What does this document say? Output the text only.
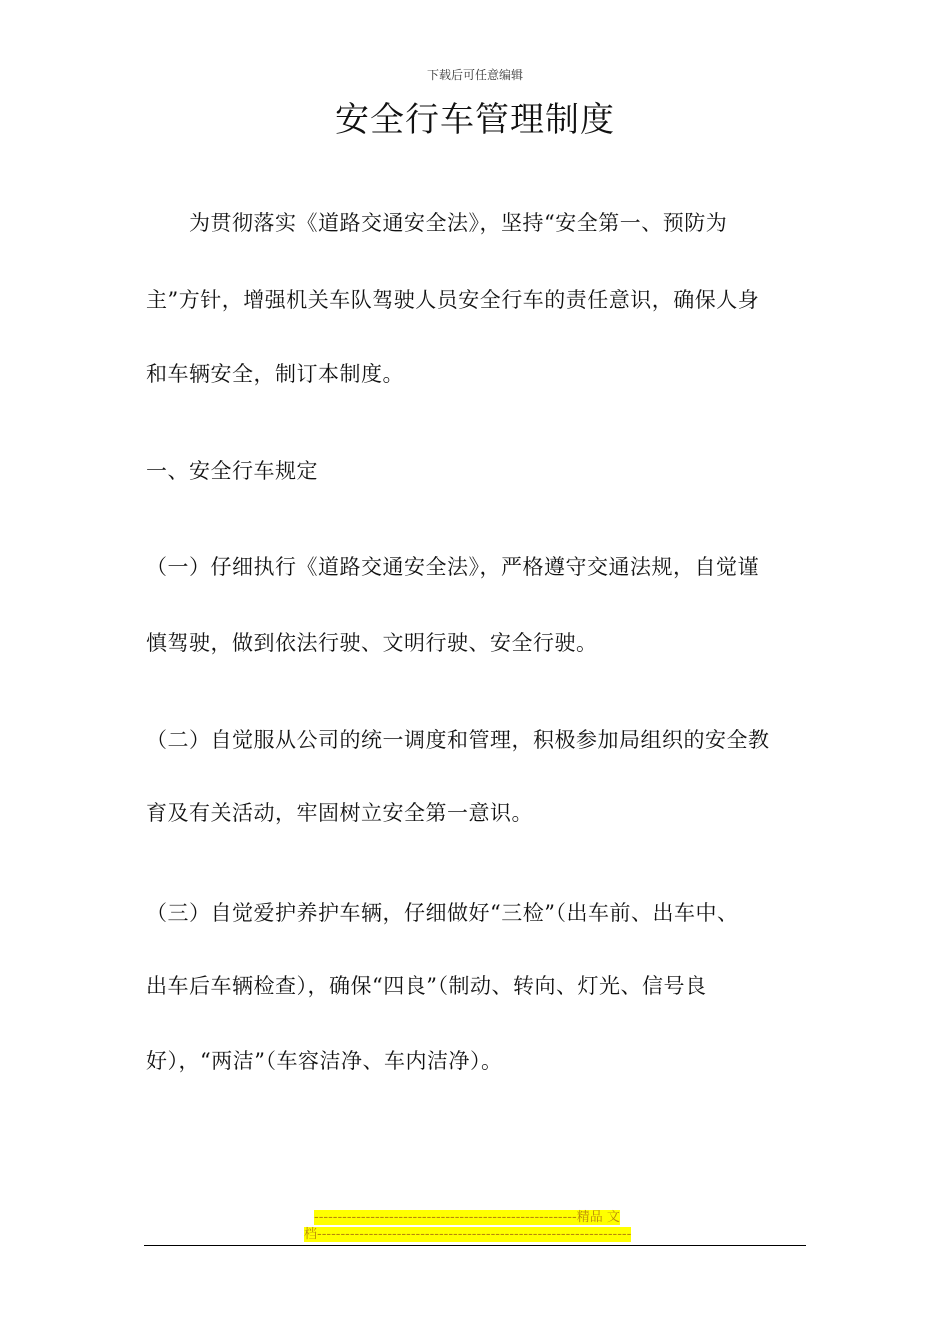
下载后可任意编辑
安全行车管理制度
　　为贯彻落实《道路交通安全法》，坚持“安全第一、预防为
主”方针，增强机关车队驾驶人员安全行车的责任意识，确保人身
和车辆安全，制订本制度。
一、安全行车规定
（一）仔细执行《道路交通安全法》，严格遵守交通法规，自觉谨
慎驾驶，做到依法行驶、文明行驶、安全行驶。
（二）自觉服从公司的统一调度和管理，积极参加局组织的安全教
育及有关活动，牢固树立安全第一意识。
（三）自觉爱护养护车辆，仔细做好“三检”（出车前、出车中、
出车后车辆检查），确保“四良”（制动、转向、灯光、信号良
好），“两洁”（车容洁净、车内洁净）。
--------------------------------------------------------精品 文
档-------------------------------------------------------------------
